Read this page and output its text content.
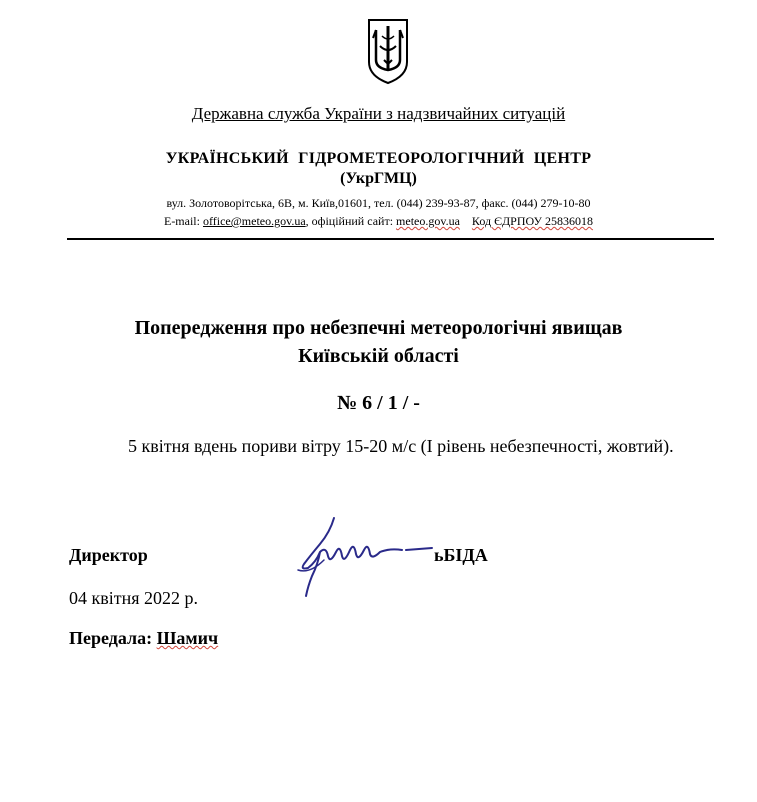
Державна служба України з надзвичайних ситуацій
УКРАЇНСЬКИЙ ГІДРОМЕТЕОРОЛОГІЧНИЙ ЦЕНТР
(УкрГМЦ)
вул. Золотоворітська, 6В, м. Київ,01601, тел. (044) 239-93-87, факс. (044) 279-10-80
E-mail: office@meteo.gov.ua, офіційний сайт: meteo.gov.ua Код ЄДРПОУ 25836018
Попередження про небезпечні метеорологічні явищав
Київській області
№ 6 / 1 / -
5 квітня вдень пориви вітру 15-20 м/с (І рівень небезпечності, жовтий).
Директор	ьБІДА
04 квітня 2022 р.
Передала: Шамич
